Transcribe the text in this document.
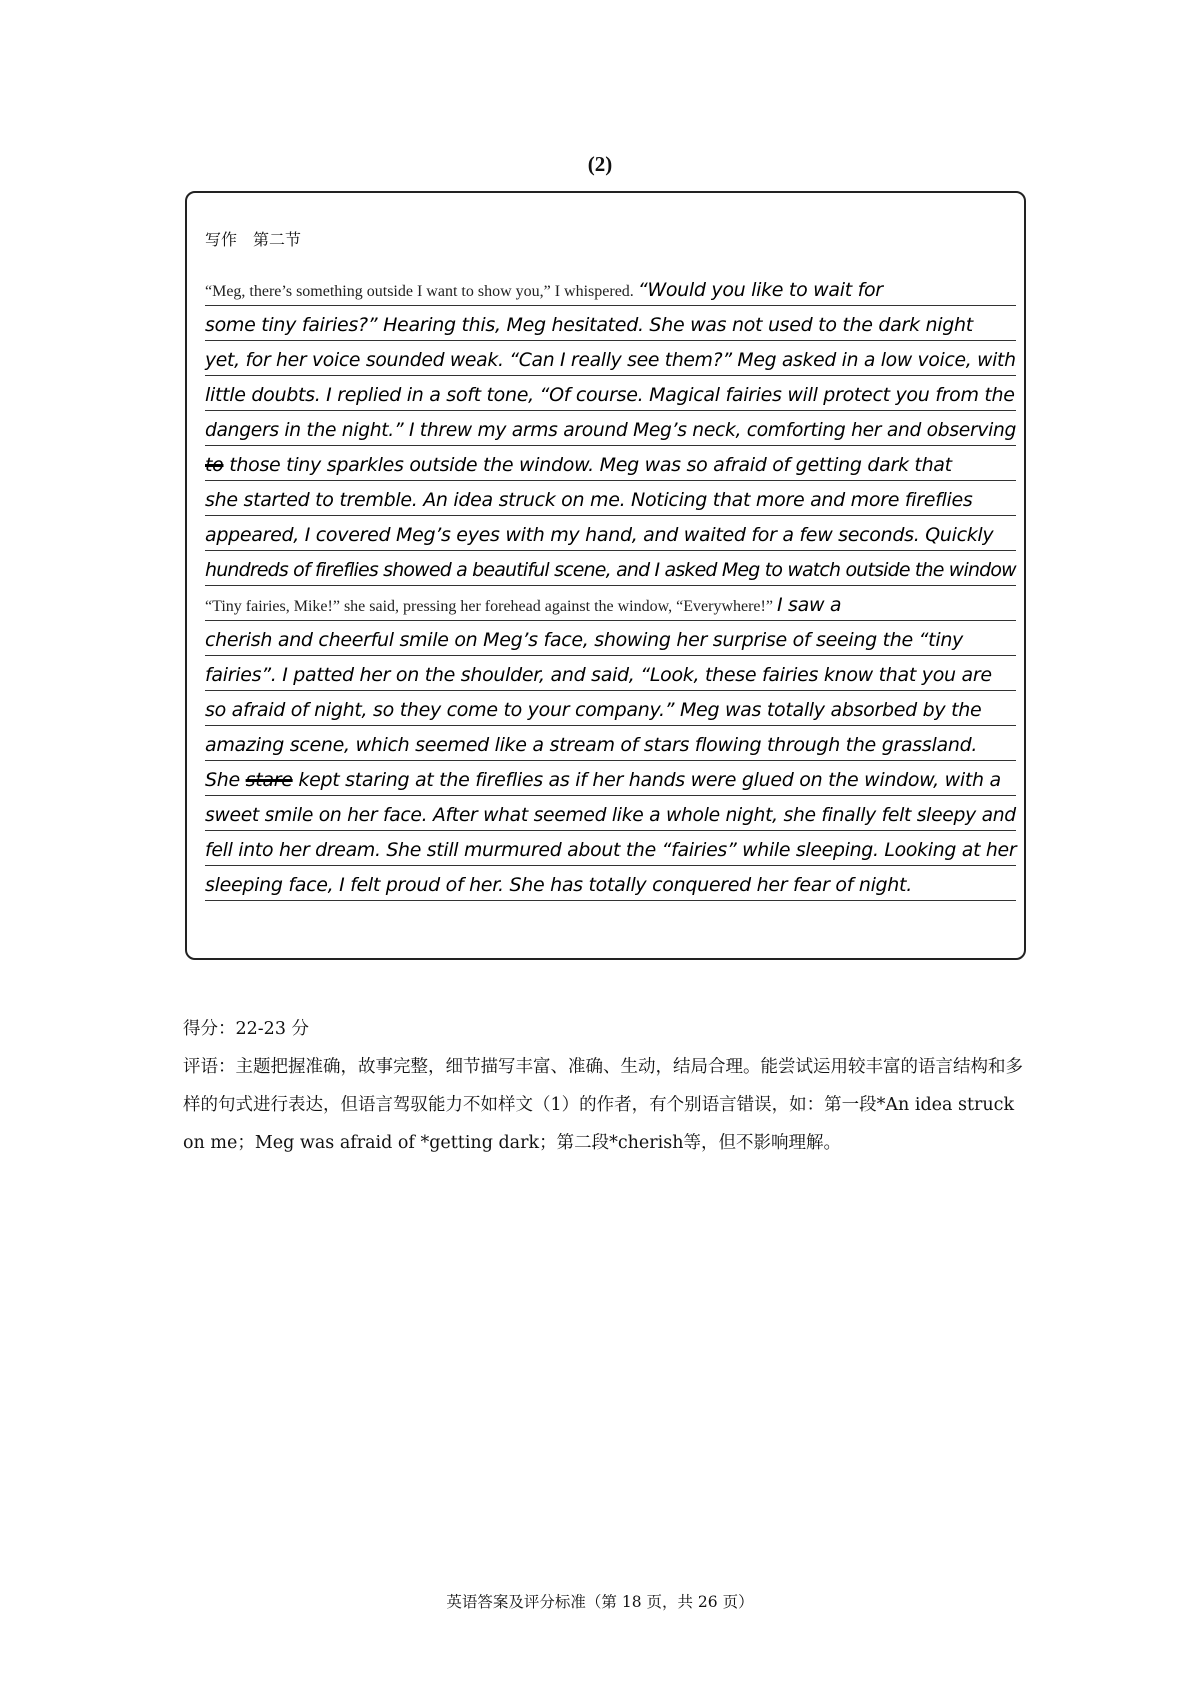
(2)
写作　第二节
“Meg, there’s something outside I want to show you,” I whispered. “Would you like to wait for
some tiny fairies?” Hearing this, Meg hesitated. She was not used to the dark night
yet, for her voice sounded weak. “Can I really see them?” Meg asked in a low voice, with
little doubts. I replied in a soft tone, “Of course. Magical fairies will protect you from the
dangers in the night.” I threw my arms around Meg’s neck, comforting her and observing
to those tiny sparkles outside the window. Meg was so afraid of getting dark that
she started to tremble. An idea struck on me. Noticing that more and more fireflies
appeared, I covered Meg’s eyes with my hand, and waited for a few seconds. Quickly
hundreds of fireflies showed a beautiful scene, and I asked Meg to watch outside the window
“Tiny fairies, Mike!” she said, pressing her forehead against the window, “Everywhere!” I saw a
cherish and cheerful smile on Meg’s face, showing her surprise of seeing the “tiny
fairies”. I patted her on the shoulder, and said, “Look, these fairies know that you are
so afraid of night, so they come to your company.” Meg was totally absorbed by the
amazing scene, which seemed like a stream of stars flowing through the grassland.
She stare kept staring at the fireflies as if her hands were glued on the window, with a
sweet smile on her face. After what seemed like a whole night, she finally felt sleepy and
fell into her dream. She still murmured about the “fairies” while sleeping. Looking at her
sleeping face, I felt proud of her. She has totally conquered her fear of night.

得分：22-23 分

评语：主题把握准确，故事完整，细节描写丰富、准确、生动，结局合理。能尝试运用较丰富的语言结构和多样的句式进行表达，但语言驾驭能力不如样文（1）的作者，有个别语言错误，如：第一段*An idea struck on me；Meg was afraid of *getting dark；第二段*cherish等，但不影响理解。

英语答案及评分标准（第 18 页，共 26 页）
